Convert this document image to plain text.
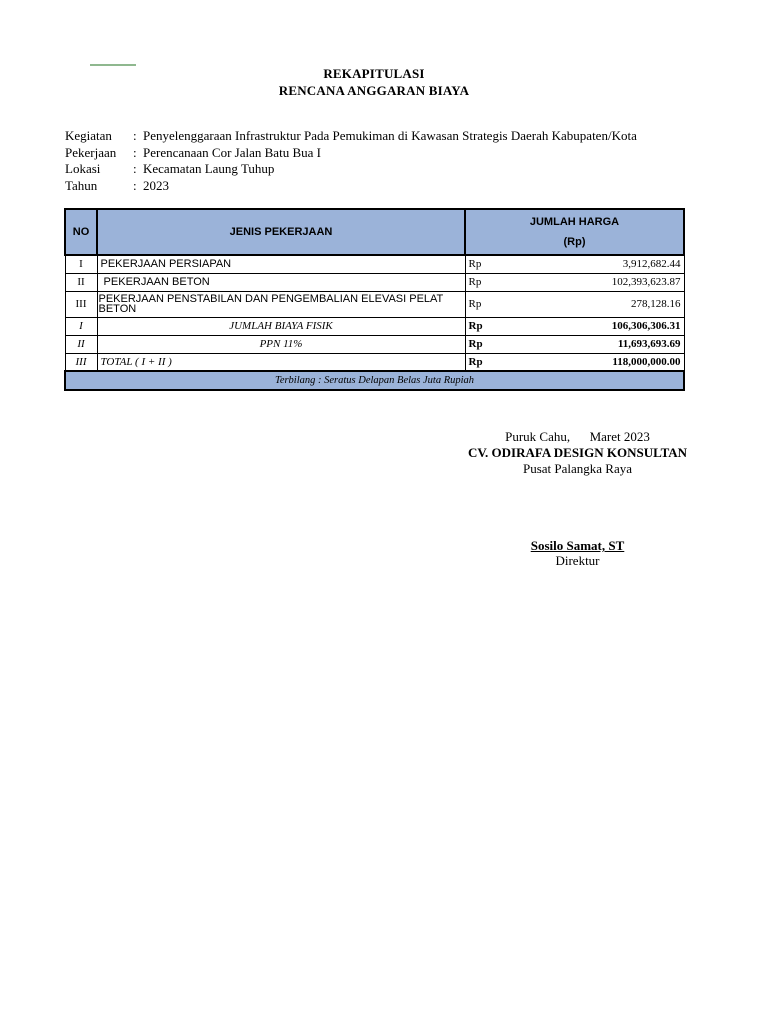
REKAPITULASI
RENCANA ANGGARAN BIAYA
Kegiatan	: Penyelenggaraan Infrastruktur Pada Pemukiman di Kawasan Strategis Daerah Kabupaten/Kota
Pekerjaan	: Perencanaan Cor Jalan Batu Bua I
Lokasi	: Kecamatan Laung Tuhup
Tahun	: 2023
NO	JENIS PEKERJAAN	JUMLAH HARGA
(Rp)	

I	PEKERJAAN PERSIAPAN	Rp	3,912,682.44
II	PEKERJAAN BETON	Rp	102,393,623.87
III	PEKERJAAN PENSTABILAN DAN PENGEMBALIAN ELEVASI PELAT BETON	Rp	278,128.16
I	JUMLAH BIAYA FISIK	Rp	106,306,306.31
II	PPN 11%	Rp	11,693,693.69
III	TOTAL ( I + II )	Rp	118,000,000.00
Terbilang : Seratus Delapan Belas Juta Rupiah			
Puruk Cahu,      Maret 2023
CV. ODIRAFA DESIGN KONSULTAN
Pusat Palangka Raya
Sosilo Samat, ST
Direktur
